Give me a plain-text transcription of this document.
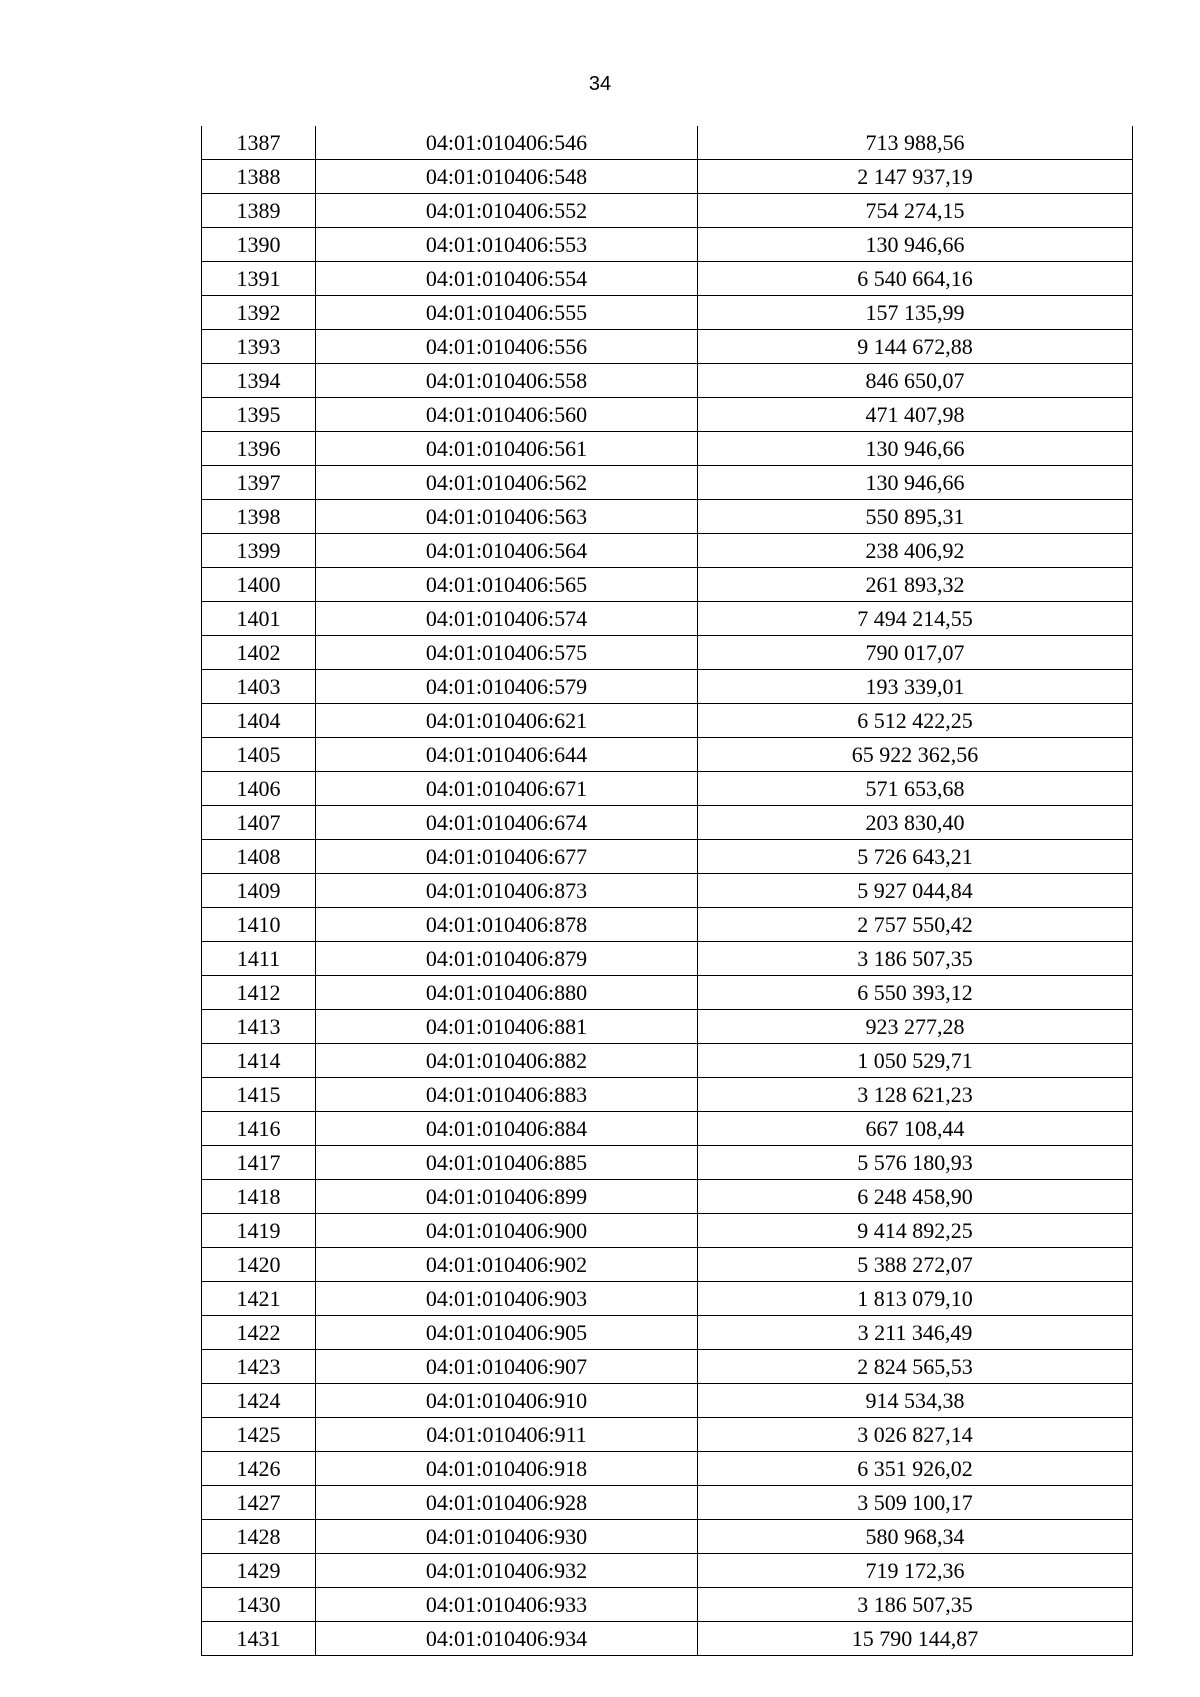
34
1387	04:01:010406:546	713 988,56
1388	04:01:010406:548	2 147 937,19
1389	04:01:010406:552	754 274,15
1390	04:01:010406:553	130 946,66
1391	04:01:010406:554	6 540 664,16
1392	04:01:010406:555	157 135,99
1393	04:01:010406:556	9 144 672,88
1394	04:01:010406:558	846 650,07
1395	04:01:010406:560	471 407,98
1396	04:01:010406:561	130 946,66
1397	04:01:010406:562	130 946,66
1398	04:01:010406:563	550 895,31
1399	04:01:010406:564	238 406,92
1400	04:01:010406:565	261 893,32
1401	04:01:010406:574	7 494 214,55
1402	04:01:010406:575	790 017,07
1403	04:01:010406:579	193 339,01
1404	04:01:010406:621	6 512 422,25
1405	04:01:010406:644	65 922 362,56
1406	04:01:010406:671	571 653,68
1407	04:01:010406:674	203 830,40
1408	04:01:010406:677	5 726 643,21
1409	04:01:010406:873	5 927 044,84
1410	04:01:010406:878	2 757 550,42
1411	04:01:010406:879	3 186 507,35
1412	04:01:010406:880	6 550 393,12
1413	04:01:010406:881	923 277,28
1414	04:01:010406:882	1 050 529,71
1415	04:01:010406:883	3 128 621,23
1416	04:01:010406:884	667 108,44
1417	04:01:010406:885	5 576 180,93
1418	04:01:010406:899	6 248 458,90
1419	04:01:010406:900	9 414 892,25
1420	04:01:010406:902	5 388 272,07
1421	04:01:010406:903	1 813 079,10
1422	04:01:010406:905	3 211 346,49
1423	04:01:010406:907	2 824 565,53
1424	04:01:010406:910	914 534,38
1425	04:01:010406:911	3 026 827,14
1426	04:01:010406:918	6 351 926,02
1427	04:01:010406:928	3 509 100,17
1428	04:01:010406:930	580 968,34
1429	04:01:010406:932	719 172,36
1430	04:01:010406:933	3 186 507,35
1431	04:01:010406:934	15 790 144,87
